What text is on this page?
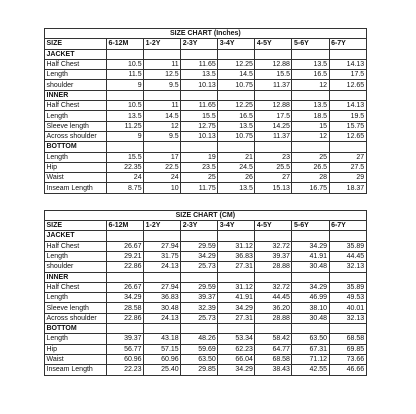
SIZE CHART (Inches)							
SIZE	6-12M	1-2Y	2-3Y	3-4Y	4-5Y	5-6Y	6-7Y
JACKET							
Half Chest	10.5	11	11.65	12.25	12.88	13.5	14.13
Length	11.5	12.5	13.5	14.5	15.5	16.5	17.5
shoulder	9	9.5	10.13	10.75	11.37	12	12.65
INNER							
Half Chest	10.5	11	11.65	12.25	12.88	13.5	14.13
Length	13.5	14.5	15.5	16.5	17.5	18.5	19.5
Sleeve length	11.25	12	12.75	13.5	14.25	15	15.75
Across shoulder	9	9.5	10.13	10.75	11.37	12	12.65
BOTTOM							
Length	15.5	17	19	21	23	25	27
Hip	22.35	22.5	23.5	24.5	25.5	26.5	27.5
Waist	24	24	25	26	27	28	29
Inseam Length	8.75	10	11.75	13.5	15.13	16.75	18.37
SIZE CHART (CM)							
SIZE	6-12M	1-2Y	2-3Y	3-4Y	4-5Y	5-6Y	6-7Y
JACKET							
Half Chest	26.67	27.94	29.59	31.12	32.72	34.29	35.89
Length	29.21	31.75	34.29	36.83	39.37	41.91	44.45
shoulder	22.86	24.13	25.73	27.31	28.88	30.48	32.13
INNER							
Half Chest	26.67	27.94	29.59	31.12	32.72	34.29	35.89
Length	34.29	36.83	39.37	41.91	44.45	46.99	49.53
Sleeve length	28.58	30.48	32.39	34.29	36.20	38.10	40.01
Across shoulder	22.86	24.13	25.73	27.31	28.88	30.48	32.13
BOTTOM							
Length	39.37	43.18	48.26	53.34	58.42	63.50	68.58
Hip	56.77	57.15	59.69	62.23	64.77	67.31	69.85
Waist	60.96	60.96	63.50	66.04	68.58	71.12	73.66
Inseam Length	22.23	25.40	29.85	34.29	38.43	42.55	46.66
